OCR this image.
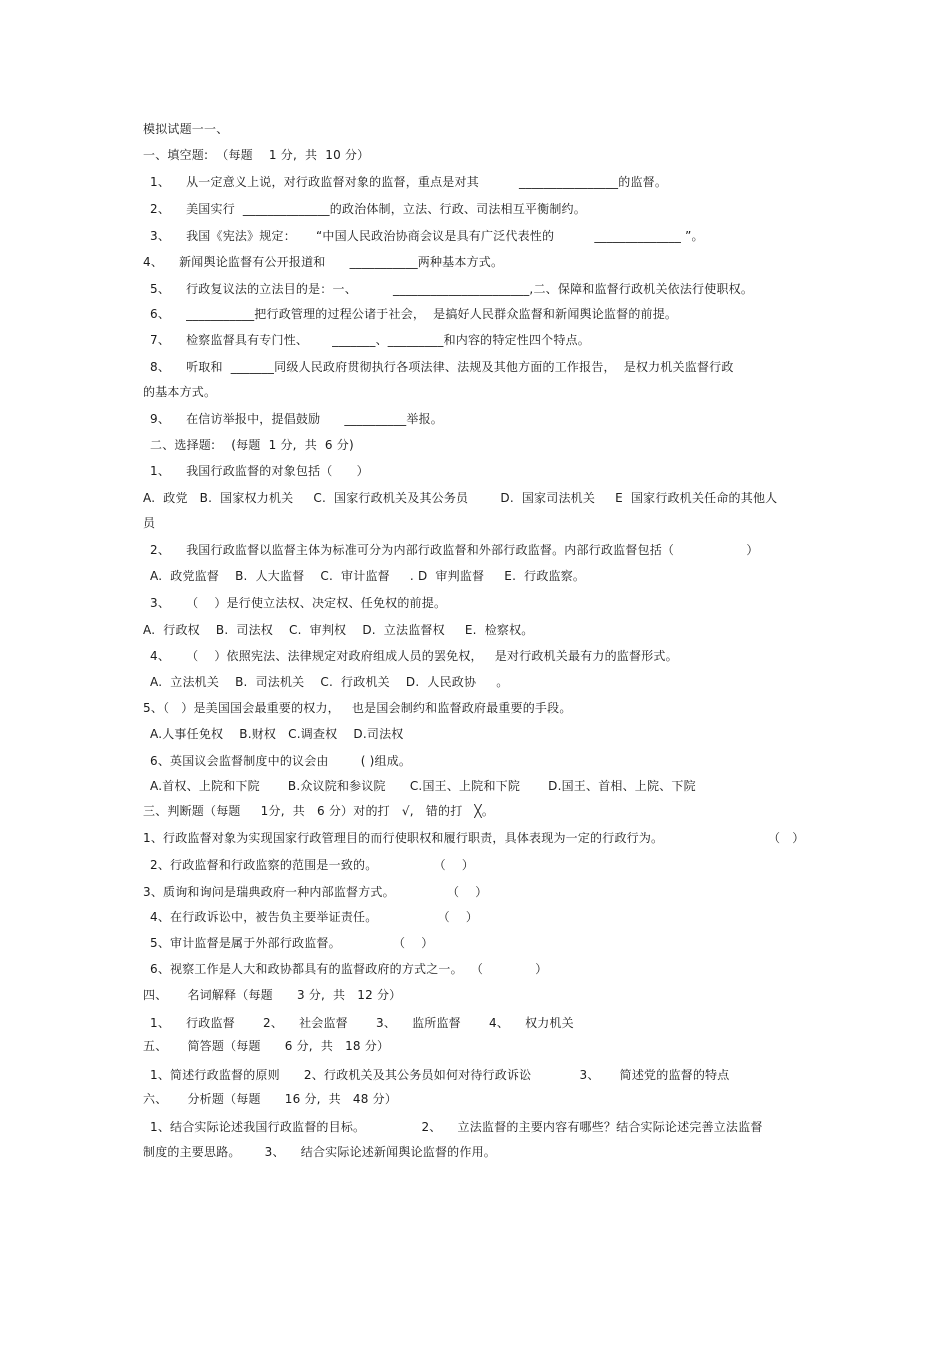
模拟试题一一、
一、填空题:  （每题    1 分,  共  10 分）
1、    从一定意义上说，对行政监督对象的监督，重点是对其          ________________的监督。
2、    美国实行  ______________的政治体制，立法、行政、司法相互平衡制约。
3、    我国《宪法》规定：     “中国人民政治协商会议是具有广泛代表性的          ______________ ”。
4、    新闻舆论监督有公开报道和      ___________两种基本方式。
5、    行政复议法的立法目的是：一、         ______________________,二、保障和监督行政机关依法行使职权。
6、    ___________把行政管理的过程公诸于社会，  是搞好人民群众监督和新闻舆论监督的前提。
7、    检察监督具有专门性、      _______、_________和内容的特定性四个特点。
8、    听取和  _______同级人民政府贯彻执行各项法律、法规及其他方面的工作报告，  是权力机关监督行政
的基本方式。
9、    在信访举报中，提倡鼓励      __________举报。
二、选择题:    (每题  1 分,  共  6 分)
1、    我国行政监督的对象包括（      ）
A.  政党   B.  国家权力机关     C.  国家行政机关及其公务员        D.  国家司法机关     E  国家行政机关任命的其他人
员
2、    我国行政监督以监督主体为标准可分为内部行政监督和外部行政监督。内部行政监督包括（                  ）
A.  政党监督    B.  人大监督    C.  审计监督     . D  审判监督     E.  行政监察。
3、    （    ）是行使立法权、决定权、任免权的前提。
A.  行政权    B.  司法权    C.  审判权    D.  立法监督权     E.  检察权。
4、    （    ）依照宪法、法律规定对政府组成人员的罢免权，   是对行政机关最有力的监督形式。
A.  立法机关    B.  司法机关    C.  行政机关    D.  人民政协     。
5、（   ）是美国国会最重要的权力，   也是国会制约和监督政府最重要的手段。
A.人事任免权    B.财权   C.调查权    D.司法权
6、英国议会监督制度中的议会由        ( )组成。
A.首权、上院和下院       B.众议院和参议院      C.国王、上院和下院       D.国王、首相、上院、下院
三、判断题（每题     1分,  共   6 分）对的打   √,   错的打   ╳。
1、行政监督对象为实现国家行政管理目的而行使职权和履行职责，具体表现为一定的行政行为。	（   ）
2、行政监督和行政监察的范围是一致的。              （    ）
3、质询和询问是瑞典政府一种内部监督方式。             （    ）
4、在行政诉讼中，被告负主要举证责任。               （    ）
5、审计监督是属于外部行政监督。             （    ）
6、视察工作是人大和政协都具有的监督政府的方式之一。  （             ）
四、     名词解释（每题      3 分,  共   12 分）
1、    行政监督       2、    社会监督       3、    监所监督       4、    权力机关
五、     简答题（每题      6 分,  共   18 分）
1、简述行政监督的原则      2、行政机关及其公务员如何对待行政诉讼            3、     简述党的监督的特点
六、     分析题（每题      16 分,  共   48 分）
1、结合实际论述我国行政监督的目标。              2、    立法监督的主要内容有哪些？结合实际论述完善立法监督
制度的主要思路。      3、    结合实际论述新闻舆论监督的作用。
